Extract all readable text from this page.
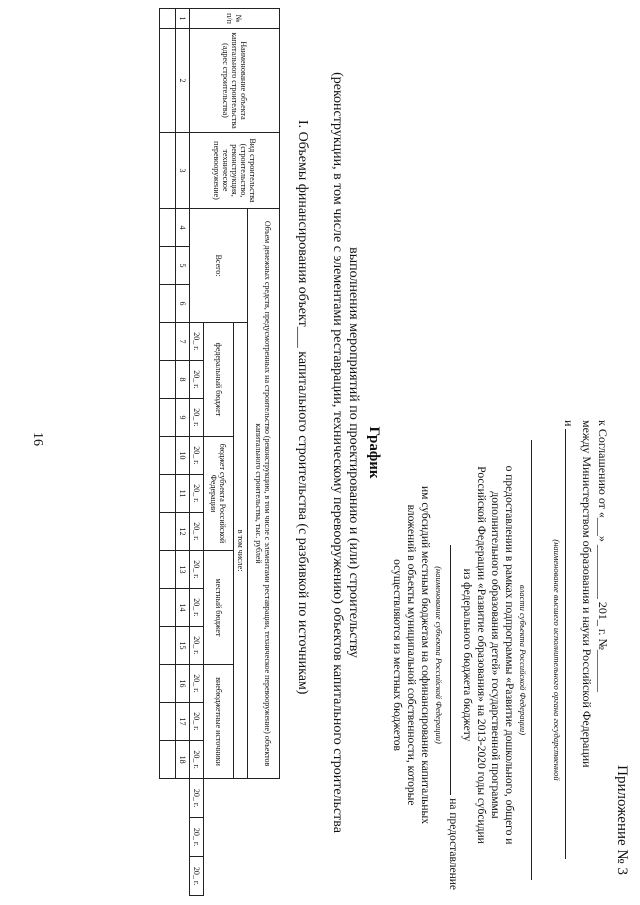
16
Приложение № 3
к Соглашению от «___» _________ 201_ г. №_______
между Министерством образования и науки Российской Федерации
и
(наименование высшего исполнительного органа государственной
власти субъекта Российской Федерации)
о предоставлении в рамках подпрограммы «Развитие дошкольного, общего и
дополнительного образования детей» государственной программы
Российской Федерации «Развитие образования» на 2013-2020 годы субсидии
из федерального бюджета бюджету
на предоставление
(наименование субъекта Российской Федерации)
им субсидий местным бюджетам на софинансирование капитальных
вложений в объекты муниципальной собственности, которые
осуществляются из местных бюджетов
График
выполнения мероприятий по проектированию и (или) строительству
(реконструкции, в том числе с элементами реставрации, техническому перевооружению) объектов капитального строительства
I. Объемы финансирования объект___ капитального строительства (с разбивкой по источникам)
№ п/п	Наименование объекта капитального строительства (адрес строительства)	Вид строительства (строительство, реконструкция, техническое перевооружение)	Объем денежных средств, предусмотренных на строительство (реконструкцию, в том числе с элементами реставрации, техническое перевооружение) объектов капитального строительства, тыс. рублей																	
			Всего:			в том числе:														
						федеральный бюджет			бюджет субъекта Российской Федерации			местный бюджет			внебюджетные источники					
						20_ г.	20_ г.	20_ г.	20_ г.	20_ г.	20_ г.	20_ г.	20_ г.	20_ г.	20_ г.	20_ г.	20_ г.	20_ г.	20_ г.	20_ г.

1	2	3	4	5	6	7	8	9	10	11	12	13	14	15	16	17	18			
